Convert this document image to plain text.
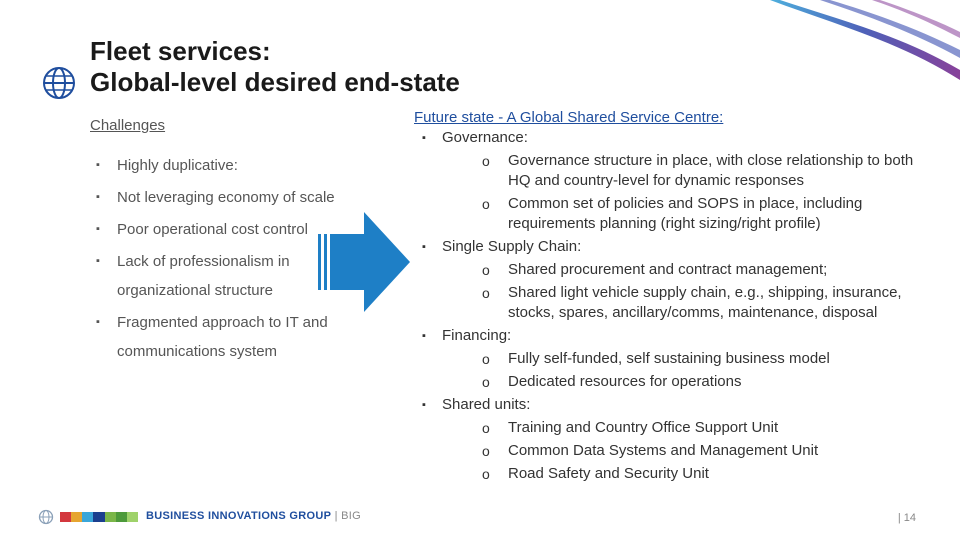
Fleet services:
Global-level desired end-state

Challenges

▪ Highly duplicative:
▪ Not leveraging economy of scale
▪ Poor operational cost control
▪ Lack of professionalism in organizational structure
▪ Fragmented approach to IT and communications system

Future state - A Global Shared Service Centre:

▪ Governance:
o Governance structure in place, with close relationship to both HQ and country-level for dynamic responses
o Common set of policies and SOPS in place, including requirements planning (right sizing/right profile)
▪ Single Supply Chain:
o Shared procurement and contract management;
o Shared light vehicle supply chain, e.g., shipping, insurance, stocks, spares, ancillary/comms, maintenance, disposal
▪ Financing:
o Fully self-funded, self sustaining business model
o Dedicated resources for operations
▪ Shared units:
o Training and Country Office Support Unit
o Common Data Systems and Management Unit
o Road Safety and Security Unit
BUSINESS INNOVATIONS GROUP | BIG	| 14
